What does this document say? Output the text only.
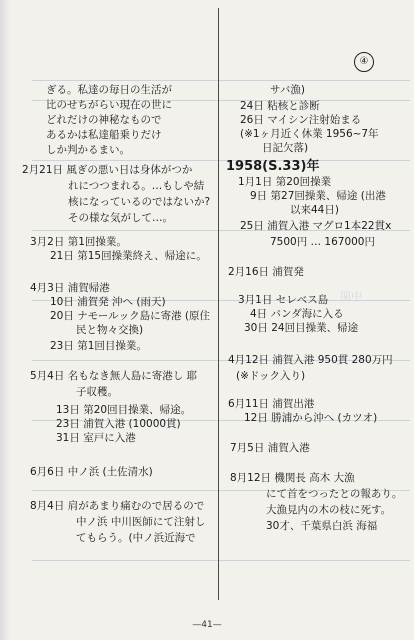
関中
④
ぎる。私達の毎日の生活が
比のせちがらい現在の世に
どれだけの神秘なもので
あるかは私達船乗りだけ
しか判かるまい。
2月21日 風ぎの悪い日は身体がつか
れにつつまれる。…もしや結
核になっているのではないか?
その様な気がして…。
3月2日 第1回操業。
21日 第15回操業終え、帰途に。
4月3日 浦賀帰港
10日 浦賀発 沖へ (雨天)
20日 ナモールック島に寄港 (原住
民と物々交換)
23日 第1回目操業。
5月4日 名もなき無人島に寄港し 耶
子収穫。
13日 第20回目操業、帰途。
23日 浦賀入港 (10000貫)
31日 室戸に入港
6月6日 中ノ浜 (土佐清水)
8月4日 肩があまり痛むので居るので
中ノ浜 中川医師にて注射し
てもらう。(中ノ浜近海で
サバ漁)
24日 粘核と診断
26日 マイシン注射始まる
(※1ヶ月近く休業 1956~7年
日記欠落)
1958(S.33)年
1月1日 第20回操業
9日 第27回操業、帰途 (出港
以来44日)
25日 浦賀入港 マグロ1本22貫x
7500円 … 167000円
2月16日 浦賀発
3月1日 セレベス島
4日 バンダ海に入る
30日 24回目操業、帰途
4月12日 浦賀入港 950貫 280万円
(※ドック入り)
6月11日 浦賀出港
12日 勝浦から沖へ (カツオ)
7月5日 浦賀入港
8月12日 機関長 高木 大漁
にて首をつったとの報あり。
大漁見内の木の枝に死す。
30才、千葉県白浜 海福
—41—
